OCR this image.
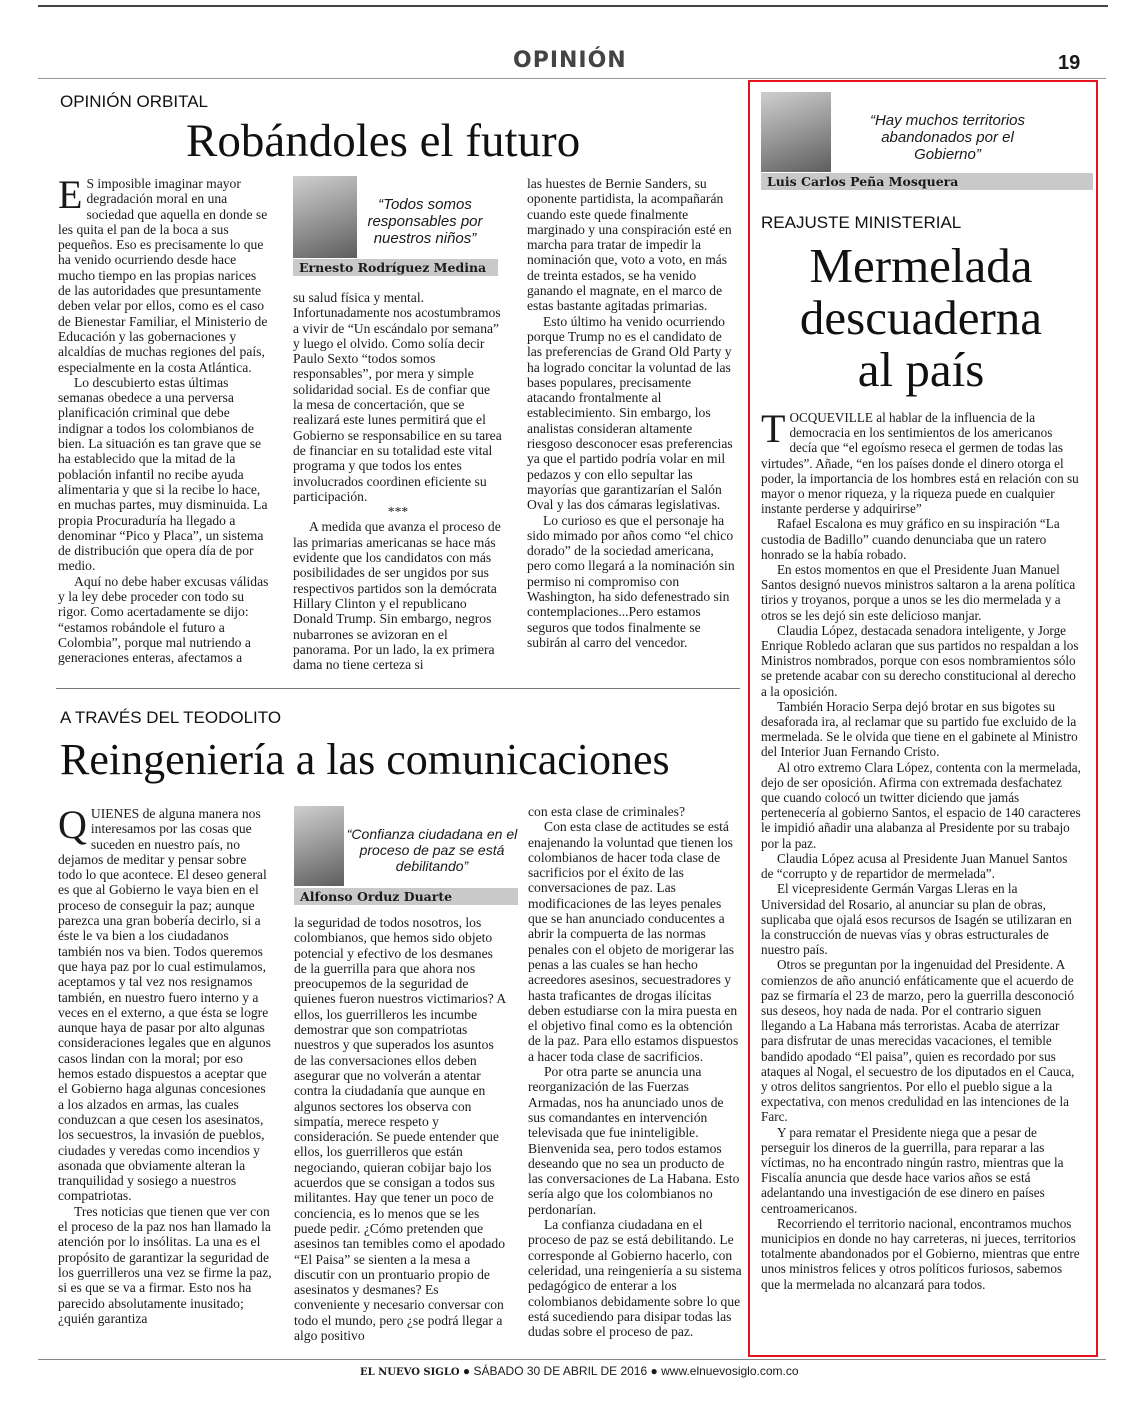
OPINIÓN	19
OPINIÓN ORBITAL
Robándoles el futuro

E S imposible imaginar mayor degradación moral en una sociedad que aquella en donde se les quita el pan de la boca a sus pequeños. Eso es precisamente lo que ha venido ocurriendo desde hace mucho tiempo en las propias narices de las autoridades que presuntamente deben velar por ellos, como es el caso de Bienestar Familiar, el Ministerio de Educación y las gobernaciones y alcaldías de muchas regiones del país, especialmente en la costa Atlántica.

Lo descubierto estas últimas semanas obedece a una perversa planificación criminal que debe indignar a todos los colombianos de bien. La situación es tan grave que se ha establecido que la mitad de la población infantil no recibe ayuda alimentaria y que si la recibe lo hace, en muchas partes, muy disminuida. La propia Procuraduría ha llegado a denominar “Pico y Placa”, un sistema de distribución que opera día de por medio.

Aquí no debe haber excusas válidas y la ley debe proceder con todo su rigor. Como acertadamente se dijo: “estamos robándole el futuro a Colombia”, porque mal nutriendo a generaciones enteras, afectamos a

“Todos somos responsables por nuestros niños”
Ernesto Rodríguez Medina

su salud física y mental. Infortunadamente nos acostumbramos a vivir de “Un escándalo por semana” y luego el olvido. Como solía decir Paulo Sexto “todos somos responsables”, por mera y simple solidaridad social. Es de confiar que la mesa de concertación, que se realizará este lunes permitirá que el Gobierno se responsabilice en su tarea de financiar en su totalidad este vital programa y que todos los entes involucrados coordinen eficiente su participación.

***

A medida que avanza el proceso de las primarias americanas se hace más evidente que los candidatos con más posibilidades de ser ungidos por sus respectivos partidos son la demócrata Hillary Clinton y el republicano Donald Trump. Sin embargo, negros nubarrones se avizoran en el panorama. Por un lado, la ex primera dama no tiene certeza si

las huestes de Bernie Sanders, su oponente partidista, la acompañarán cuando este quede finalmente marginado y una conspiración esté en marcha para tratar de impedir la nominación que, voto a voto, en más de treinta estados, se ha venido ganando el magnate, en el marco de estas bastante agitadas primarias.

Esto último ha venido ocurriendo porque Trump no es el candidato de las preferencias de Grand Old Party y ha logrado concitar la voluntad de las bases populares, precisamente atacando frontalmente al establecimiento. Sin embargo, los analistas consideran altamente riesgoso desconocer esas preferencias ya que el partido podría volar en mil pedazos y con ello sepultar las mayorías que garantizarían el Salón Oval y las dos cámaras legislativas.

Lo curioso es que el personaje ha sido mimado por años como “el chico dorado” de la sociedad americana, pero como llegará a la nominación sin permiso ni compromiso con Washington, ha sido defenestrado sin contemplaciones...Pero estamos seguros que todos finalmente se subirán al carro del vencedor.

A TRAVÉS DEL TEODOLITO
Reingeniería a las comunicaciones

QUIENES de alguna manera nos interesamos por las cosas que suceden en nuestro país, no dejamos de meditar y pensar sobre todo lo que acontece. El deseo general es que al Gobierno le vaya bien en el proceso de conseguir la paz; aunque parezca una gran bobería decirlo, si a éste le va bien a los ciudadanos también nos va bien. Todos queremos que haya paz por lo cual estimulamos, aceptamos y tal vez nos resignamos también, en nuestro fuero interno y a veces en el externo, a que ésta se logre aunque haya de pasar por alto algunas consideraciones legales que en algunos casos lindan con la moral; por eso hemos estado dispuestos a aceptar que el Gobierno haga algunas concesiones a los alzados en armas, las cuales conduzcan a que cesen los asesinatos, los secuestros, la invasión de pueblos, ciudades y veredas como incendios y asonada que obviamente alteran la tranquilidad y sosiego a nuestros compatriotas.

Tres noticias que tienen que ver con el proceso de la paz nos han llamado la atención por lo insólitas. La una es el propósito de garantizar la seguridad de los guerrilleros una vez se firme la paz, si es que se va a firmar. Esto nos ha parecido absolutamente inusitado; ¿quién garantiza

“Confianza ciudadana en el proceso de paz se está debilitando”
Alfonso Orduz Duarte

la seguridad de todos nosotros, los colombianos, que hemos sido objeto potencial y efectivo de los desmanes de la guerrilla para que ahora nos preocupemos de la seguridad de quienes fueron nuestros victimarios? A ellos, los guerrilleros les incumbe demostrar que son compatriotas nuestros y que superados los asuntos de las conversaciones ellos deben asegurar que no volverán a atentar contra la ciudadanía que aunque en algunos sectores los observa con simpatía, merece respeto y consideración. Se puede entender que ellos, los guerrilleros que están negociando, quieran cobijar bajo los acuerdos que se consigan a todos sus militantes. Hay que tener un poco de conciencia, es lo menos que se les puede pedir. ¿Cómo pretenden que asesinos tan temibles como el apodado “El Paisa” se sienten a la mesa a discutir con un prontuario propio de asesinatos y desmanes? Es conveniente y necesario conversar con todo el mundo, pero ¿se podrá llegar a algo positivo

con esta clase de criminales?

Con esta clase de actitudes se está enajenando la voluntad que tienen los colombianos de hacer toda clase de sacrificios por el éxito de las conversaciones de paz. Las modificaciones de las leyes penales que se han anunciado conducentes a abrir la compuerta de las normas penales con el objeto de morigerar las penas a las cuales se han hecho acreedores asesinos, secuestradores y hasta traficantes de drogas ilícitas deben estudiarse con la mira puesta en el objetivo final como es la obtención de la paz. Para ello estamos dispuestos a hacer toda clase de sacrificios.

Por otra parte se anuncia una reorganización de las Fuerzas Armadas, nos ha anunciado unos de sus comandantes en intervención televisada que fue ininteligible. Bienvenida sea, pero todos estamos deseando que no sea un producto de las conversaciones de La Habana. Esto sería algo que los colombianos no perdonarían.

La confianza ciudadana en el proceso de paz se está debilitando. Le corresponde al Gobierno hacerlo, con celeridad, una reingeniería a su sistema pedagógico de enterar a los colombianos debidamente sobre lo que está sucediendo para disipar todas las dudas sobre el proceso de paz.

“Hay muchos territorios abandonados por el Gobierno”
Luis Carlos Peña Mosquera
REAJUSTE MINISTERIAL
Mermelada
descuaderna
al país

TOCQUEVILLE al hablar de la influencia de la democracia en los sentimientos de los americanos decía que “el egoísmo reseca el germen de todas las virtudes”. Añade, “en los países donde el dinero otorga el poder, la importancia de los hombres está en relación con su mayor o menor riqueza, y la riqueza puede en cualquier instante perderse y adquirirse”

Rafael Escalona es muy gráfico en su inspiración “La custodia de Badillo” cuando denunciaba que un ratero honrado se la había robado.

En estos momentos en que el Presidente Juan Manuel Santos designó nuevos ministros saltaron a la arena política tirios y troyanos, porque a unos se les dio mermelada y a otros se les dejó sin este delicioso manjar.

Claudia López, destacada senadora inteligente, y Jorge Enrique Robledo aclaran que sus partidos no respaldan a los Ministros nombrados, porque con esos nombramientos sólo se pretende acabar con su derecho constitucional al derecho a la oposición.

También Horacio Serpa dejó brotar en sus bigotes su desaforada ira, al reclamar que su partido fue excluido de la mermelada. Se le olvida que tiene en el gabinete al Ministro del Interior Juan Fernando Cristo.

Al otro extremo Clara López, contenta con la mermelada, dejo de ser oposición. Afirma con extremada desfachatez que cuando colocó un twitter diciendo que jamás pertenecería al gobierno Santos, el espacio de 140 caracteres le impidió añadir una alabanza al Presidente por su trabajo por la paz.

Claudia López acusa al Presidente Juan Manuel Santos de “corrupto y de repartidor de mermelada”.

El vicepresidente Germán Vargas Lleras en la Universidad del Rosario, al anunciar su plan de obras, suplicaba que ojalá esos recursos de Isagén se utilizaran en la construcción de nuevas vías y obras estructurales de nuestro país.

Otros se preguntan por la ingenuidad del Presidente. A comienzos de año anunció enfáticamente que el acuerdo de paz se firmaría el 23 de marzo, pero la guerrilla desconoció sus deseos, hoy nada de nada. Por el contrario siguen llegando a La Habana más terroristas. Acaba de aterrizar para disfrutar de unas merecidas vacaciones, el temible bandido apodado “El paisa”, quien es recordado por sus ataques al Nogal, el secuestro de los diputados en el Cauca, y otros delitos sangrientos. Por ello el pueblo sigue a la expectativa, con menos credulidad en las intenciones de la Farc.

Y para rematar el Presidente niega que a pesar de perseguir los dineros de la guerrilla, para reparar a las víctimas, no ha encontrado ningún rastro, mientras que la Fiscalía anuncia que desde hace varios años se está adelantando una investigación de ese dinero en países centroamericanos.

Recorriendo el territorio nacional, encontramos muchos municipios en donde no hay carreteras, ni jueces, territorios totalmente abandonados por el Gobierno, mientras que entre unos ministros felices y otros políticos furiosos, sabemos que la mermelada no alcanzará para todos.

EL NUEVO SIGLO ● SÁBADO 30 DE ABRIL DE 2016 ● www.elnuevosiglo.com.co
